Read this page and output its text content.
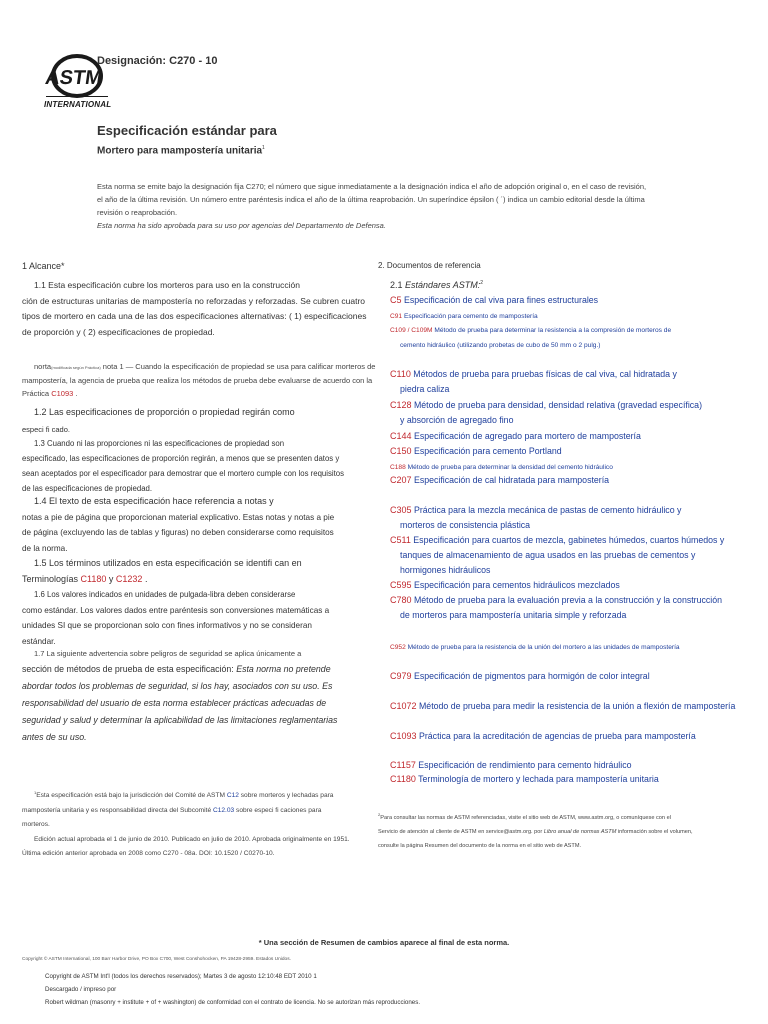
ASTM
INTERNATIONAL
Designación: C270 - 10
Especificación estándar para
Mortero para mampostería unitaria$^1$
Esta norma se emite bajo la designación fija C270; el número que sigue inmediatamente a la designación indica el año de adopción original o, en el caso de revisión,
el año de la última revisión. Un número entre paréntesis indica el año de la última reaprobación. Un superíndice épsilon ( ´) indica un cambio editorial desde la última
revisión o reaprobación.
Esta norma ha sido aprobada para su uso por agencias del Departamento de Defensa.
1 Alcance*
1.1 Esta especificación cubre los morteros para uso en la construcción
ción de estructuras unitarias de mampostería no reforzadas y reforzadas. Se cubren cuatro
tipos de mortero en cada una de las dos especificaciones alternativas: ( 1) especificaciones
de proporción y ( 2) especificaciones de propiedad.
norta(modificada según Práctica) nota 1 — Cuando la especificación de propiedad se usa para calificar morteros de
mampostería, la agencia de prueba que realiza los métodos de prueba debe evaluarse de acuerdo con la
Práctica C1093 .
1.2 Las especificaciones de proporción o propiedad regirán como
especi fi cado.
1.3 Cuando ni las proporciones ni las especificaciones de propiedad son
especificado, las especificaciones de proporción regirán, a menos que se presenten datos y
sean aceptados por el especificador para demostrar que el mortero cumple con los requisitos
de las especificaciones de propiedad.
1.4 El texto de esta especificación hace referencia a notas y
notas a pie de página que proporcionan material explicativo. Estas notas y notas a pie
de página (excluyendo las de tablas y figuras) no deben considerarse como requisitos
de la norma.
1.5 Los términos utilizados en esta especificación se identifi can en
Terminologías C1180 y C1232 .
1.6 Los valores indicados en unidades de pulgada-libra deben considerarse
como estándar. Los valores dados entre paréntesis son conversiones matemáticas a
unidades SI que se proporcionan solo con fines informativos y no se consideran
estándar.
1.7 La siguiente advertencia sobre peligros de seguridad se aplica únicamente a
sección de métodos de prueba de esta especificación: Esta norma no pretende
abordar todos los problemas de seguridad, si los hay, asociados con su uso. Es
responsabilidad del usuario de esta norma establecer prácticas adecuadas de
seguridad y salud y determinar la aplicabilidad de las limitaciones reglamentarias
antes de su uso.
$^1$Esta especificación está bajo la jurisdicción del Comité de ASTM C12 sobre morteros y lechadas para
mampostería unitaria y es responsabilidad directa del Subcomité C12.03 sobre especi fi caciones para
morteros.
Edición actual aprobada el 1 de junio de 2010. Publicado en julio de 2010. Aprobada originalmente en 1951.
Última edición anterior aprobada en 2008 como C270 - 08a. DOI: 10.1520 / C0270-10.
2. Documentos de referencia
2.1 Estándares ASTM:$^2$
C5 Especificación de cal viva para fines estructurales
C91 Especificación para cemento de mampostería
C109 / C109M Método de prueba para determinar la resistencia a la compresión de morteros de
cemento hidráulico (utilizando probetas de cubo de 50 mm o 2 pulg.)
C110 Métodos de prueba para pruebas físicas de cal viva, cal hidratada y
piedra caliza
C128 Método de prueba para densidad, densidad relativa (gravedad específica)
y absorción de agregado fino
C144 Especificación de agregado para mortero de mampostería
C150 Especificación para cemento Portland
C188 Método de prueba para determinar la densidad del cemento hidráulico
C207 Especificación de cal hidratada para mampostería
C305 Práctica para la mezcla mecánica de pastas de cemento hidráulico y
morteros de consistencia plástica
C511 Especificación para cuartos de mezcla, gabinetes húmedos, cuartos húmedos y
tanques de almacenamiento de agua usados en las pruebas de cementos y
hormigones hidráulicos
C595 Especificación para cementos hidráulicos mezclados
C780 Método de prueba para la evaluación previa a la construcción y la construcción
de morteros para mampostería unitaria simple y reforzada
C952 Método de prueba para la resistencia de la unión del mortero a las unidades de mampostería
C979 Especificación de pigmentos para hormigón de color integral
C1072 Método de prueba para medir la resistencia de la unión a flexión de mampostería
C1093 Práctica para la acreditación de agencias de prueba para mampostería
C1157 Especificación de rendimiento para cemento hidráulico
C1180 Terminología de mortero y lechada para mampostería unitaria
$^2$Para consultar las normas de ASTM referenciadas, visite el sitio web de ASTM, www.astm.org, o comuníquese con el
Servicio de atención al cliente de ASTM en service@astm.org. por Libro anual de normas ASTM información sobre el volumen,
consulte la página Resumen del documento de la norma en el sitio web de ASTM.
* Una sección de Resumen de cambios aparece al final de esta norma.
Copyright © ASTM International, 100 Barr Harbor Drive, PO Box C700, West Conshohocken, PA 19428-2959. Estados Unidos.
Copyright de ASTM Int'l (todos los derechos reservados); Martes 3 de agosto 12:10:48 EDT 2010 1
Descargado / impreso por
Robert wildman (masonry + institute + of + washington) de conformidad con el contrato de licencia. No se autorizan más reproducciones.
